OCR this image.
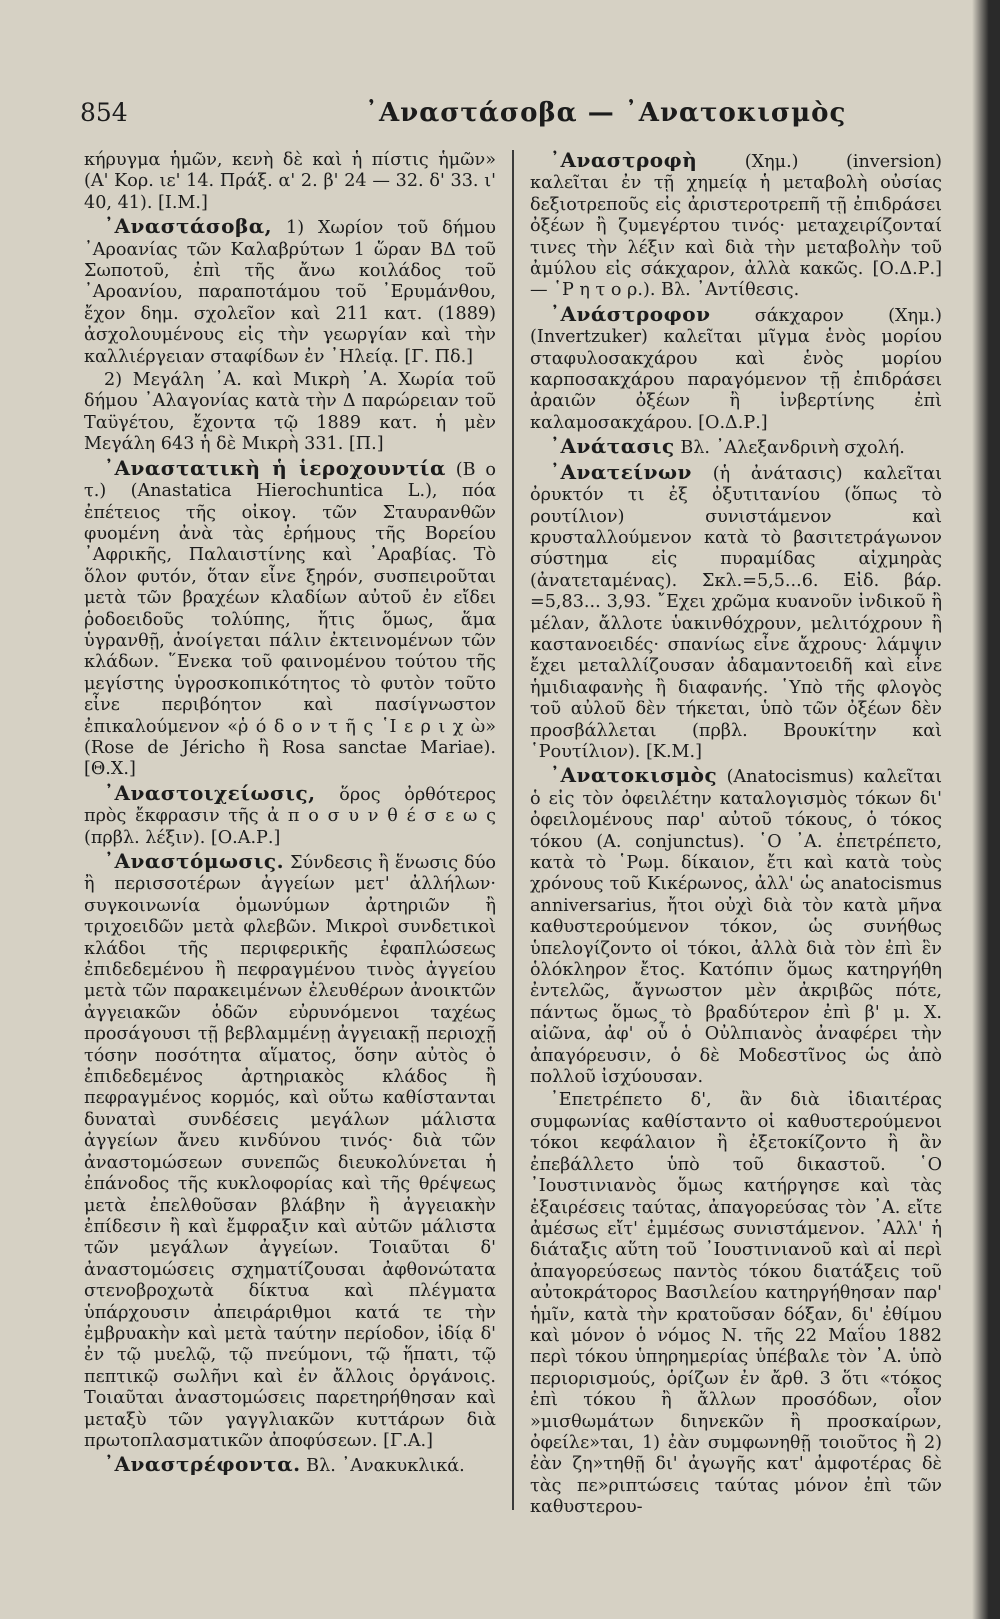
854	᾿Αναστάσοβα — ᾿Ανατοκισμὸς

κήρυγμα ἡμῶν, κενὴ δὲ καὶ ἡ πίστις ἡμῶν» (Α' Κορ. ιε' 14. Πράξ. α' 2. β' 24 — 32. δ' 33. ι' 40, 41). [Ι.Μ.]

᾿Αναστάσοβα, 1) Χωρίον τοῦ δήμου ᾿Αροανίας τῶν Καλαβρύτων 1 ὥραν ΒΔ τοῦ Σωποτοῦ, ἐπὶ τῆς ἄνω κοιλάδος τοῦ ᾿Αροανίου, παραποτάμου τοῦ ᾿Ερυμάνθου, ἔχον δημ. σχολεῖον καὶ 211 κατ. (1889) ἀσχολουμένους εἰς τὴν γεωργίαν καὶ τὴν καλλιέργειαν σταφίδων ἐν ᾿Ηλείᾳ. [Γ. Πδ.]

2) Μεγάλη ᾿Α. καὶ Μικρὴ ᾿Α. Χωρία τοῦ δήμου ᾿Αλαγονίας κατὰ τὴν Δ παρώρειαν τοῦ Ταϋγέτου, ἔχοντα τῷ 1889 κατ. ἡ μὲν Μεγάλη 643 ἡ δὲ Μικρὴ 331. [Π.]

᾿Αναστατικὴ ἡ ἱεροχουντία (Β ο τ.) (Anastatica Hierochuntica L.), πόα ἐπέτειος τῆς οἰκογ. τῶν Σταυρανθῶν φυομένη ἀνὰ τὰς ἐρήμους τῆς Βορείου ᾿Αφρικῆς, Παλαιστίνης καὶ ᾿Αραβίας. Τὸ ὅλον φυτόν, ὅταν εἶνε ξηρόν, συσπειροῦται μετὰ τῶν βραχέων κλαδίων αὐτοῦ ἐν εἴδει ῥοδοειδοῦς τολύπης, ἥτις ὅμως, ἅμα ὑγρανθῇ, ἀνοίγεται πάλιν ἐκτεινομένων τῶν κλάδων. ῞Ενεκα τοῦ φαινομένου τούτου τῆς μεγίστης ὑγροσκοπικότητος τὸ φυτὸν τοῦτο εἶνε περιβόητον καὶ πασίγνωστον ἐπικαλούμενον «ῥ ό δ ο ν τ ῆ ς ῾Ι ε ρ ι χ ὼ» (Rose de Jéricho ἢ Rosa sanctae Mariae). [Θ.Χ.]

᾿Αναστοιχείωσις, ὅρος ὀρθότερος πρὸς ἔκφρασιν τῆς ἀ π ο σ υ ν θ έ σ ε ω ς (πρβλ. λέξιν). [Ο.Α.Ρ.]

᾿Αναστόμωσις. Σύνδεσις ἢ ἕνωσις δύο ἢ περισσοτέρων ἀγγείων μετ' ἀλλήλων· συγκοινωνία ὁμωνύμων ἀρτηριῶν ἢ τριχοειδῶν μετὰ φλεβῶν. Μικροὶ συνδετικοὶ κλάδοι τῆς περιφερικῆς ἐφαπλώσεως ἐπιδεδεμένου ἢ πεφραγμένου τινὸς ἀγγείου μετὰ τῶν παρακειμένων ἐλευθέρων ἀνοικτῶν ἀγγειακῶν ὁδῶν εὐρυνόμενοι ταχέως προσάγουσι τῇ βεβλαμμένῃ ἀγγειακῇ περιοχῇ τόσην ποσότητα αἵματος, ὅσην αὐτὸς ὁ ἐπιδεδεμένος ἀρτηριακὸς κλάδος ἢ πεφραγμένος κορμός, καὶ οὕτω καθίστανται δυναταὶ συνδέσεις μεγάλων μάλιστα ἀγγείων ἄνευ κινδύνου τινός· διὰ τῶν ἀναστομώσεων συνεπῶς διευκολύνεται ἡ ἐπάνοδος τῆς κυκλοφορίας καὶ τῆς θρέψεως μετὰ ἐπελθοῦσαν βλάβην ἢ ἀγγειακὴν ἐπίδεσιν ἢ καὶ ἔμφραξιν καὶ αὐτῶν μάλιστα τῶν μεγάλων ἀγγείων. Τοιαῦται δ' ἀναστομώσεις σχηματίζουσαι ἀφθονώτατα στενοβροχωτὰ δίκτυα καὶ πλέγματα ὑπάρχουσιν ἀπειράριθμοι κατά τε τὴν ἐμβρυακὴν καὶ μετὰ ταύτην περίοδον, ἰδίᾳ δ' ἐν τῷ μυελῷ, τῷ πνεύμονι, τῷ ἥπατι, τῷ πεπτικῷ σωλῆνι καὶ ἐν ἄλλοις ὀργάνοις. Τοιαῦται ἀναστομώσεις παρετηρήθησαν καὶ μεταξὺ τῶν γαγγλιακῶν κυττάρων διὰ πρωτοπλασματικῶν ἀποφύσεων. [Γ.Α.]

᾿Αναστρέφοντα. Βλ. ᾿Ανακυκλικά.

᾿Αναστροφὴ	(Χημ.) (inversion) καλεῖται ἐν τῇ χημείᾳ ἡ μεταβολὴ οὐσίας δεξιοτρεποῦς εἰς ἀριστεροτρεπῆ τῇ ἐπιδράσει ὀξέων ἢ ζυμεγέρτου τινός· μεταχειρίζονταί τινες τὴν λέξιν καὶ διὰ τὴν μεταβολὴν τοῦ ἀμύλου εἰς σάκχαρον, ἀλλὰ κακῶς. [Ο.Δ.Ρ.] — ῾Ρ η τ ο ρ.). Βλ. ᾿Αντίθεσις.

᾿Ανάστροφον	σάκχαρον (Χημ.) (Invertzuker) καλεῖται μῖγμα ἑνὸς μορίου σταφυλοσακχάρου καὶ ἑνὸς μορίου καρποσακχάρου παραγόμενον τῇ ἐπιδράσει ἀραιῶν ὀξέων ἢ ἰνβερτίνης ἐπὶ καλαμοσακχάρου. [Ο.Δ.Ρ.]

᾿Ανάτασις Βλ. ᾿Αλεξανδρινὴ σχολή.

᾿Ανατείνων (ἡ ἀνάτασις) καλεῖται ὀρυκτόν τι ἐξ ὀξυτιτανίου (ὅπως τὸ ρουτίλιον) συνιστάμενον καὶ κρυσταλλούμενον κατὰ τὸ βασιτετράγωνον σύστημα εἰς πυραμίδας αἰχμηρὰς (ἀνατεταμένας). Σκλ.=5,5...6. Εἰδ. βάρ. =5,83... 3,93. ῎Εχει χρῶμα κυανοῦν ἰνδικοῦ ἢ μέλαν, ἄλλοτε ὑακινθόχρουν, μελιτόχρουν ἢ καστανοειδές· σπανίως εἶνε ἄχρους· λάμψιν ἔχει μεταλλίζουσαν ἀδαμαντοειδῆ καὶ εἶνε ἡμιδιαφανὴς ἢ διαφανής. ῾Υπὸ τῆς φλογὸς τοῦ αὐλοῦ δὲν τήκεται, ὑπὸ τῶν ὀξέων δὲν προσβάλλεται (πρβλ. Βρουκίτην καὶ ῾Ρουτίλιον). [Κ.Μ.]

᾿Ανατοκισμὸς (Anatocismus) καλεῖται ὁ εἰς τὸν ὀφειλέτην καταλογισμὸς τόκων δι' ὀφειλομένους παρ' αὐτοῦ τόκους, ὁ τόκος τόκου (Α. conjunctus). ῾Ο ᾿Α. ἐπετρέπετο, κατὰ τὸ ῾Ρωμ. δίκαιον, ἔτι καὶ κατὰ τοὺς χρόνους τοῦ Κικέρωνος, ἀλλ' ὡς anatocismus anniversarius, ἤτοι οὐχὶ διὰ τὸν κατὰ μῆνα καθυστερούμενον τόκον, ὡς συνήθως ὑπελογίζοντο οἱ τόκοι, ἀλλὰ διὰ τὸν ἐπὶ ἓν ὁλόκληρον ἔτος. Κατόπιν ὅμως κατηργήθη ἐντελῶς, ἄγνωστον μὲν ἀκριβῶς πότε, πάντως ὅμως τὸ βραδύτερον ἐπὶ β' μ. Χ. αἰῶνα, ἀφ' οὗ ὁ Οὐλπιανὸς ἀναφέρει τὴν ἀπαγόρευσιν, ὁ δὲ Μοδεστῖνος ὡς ἀπὸ πολλοῦ ἰσχύουσαν.

᾿Επετρέπετο δ', ἂν διὰ ἰδιαιτέρας συμφωνίας καθίσταντο οἱ καθυστερούμενοι τόκοι κεφάλαιον ἢ ἐξετοκίζοντο ἢ ἂν ἐπεβάλλετο ὑπὸ τοῦ δικαστοῦ. ῾Ο ᾿Ιουστινιανὸς ὅμως κατήργησε καὶ τὰς ἐξαιρέσεις ταύτας, ἀπαγορεύσας τὸν ᾿Α. εἴτε ἀμέσως εἴτ' ἐμμέσως συνιστάμενον. ᾿Αλλ' ἡ διάταξις αὕτη τοῦ ᾿Ιουστινιανοῦ καὶ αἱ περὶ ἀπαγορεύσεως παντὸς τόκου διατάξεις τοῦ αὐτοκράτορος Βασιλείου κατηργήθησαν παρ' ἡμῖν, κατὰ τὴν κρατοῦσαν δόξαν, δι' ἐθίμου καὶ μόνον ὁ νόμος Ν. τῆς 22 Μαΐου 1882 περὶ τόκου ὑπηρημερίας ὑπέβαλε τὸν ᾿Α. ὑπὸ περιορισμούς, ὁρίζων ἐν ἄρθ. 3 ὅτι «τόκος ἐπὶ τόκου ἢ ἄλλων προσόδων, οἷον »μισθωμάτων διηνεκῶν ἢ προσκαίρων, ὀφείλε»ται, 1) ἐὰν συμφωνηθῇ τοιοῦτος ἢ 2) ἐὰν ζη»τηθῇ δι' ἀγωγῆς κατ' ἀμφοτέρας δὲ τὰς πε»ριπτώσεις ταύτας μόνον ἐπὶ τῶν καθυστερου-
